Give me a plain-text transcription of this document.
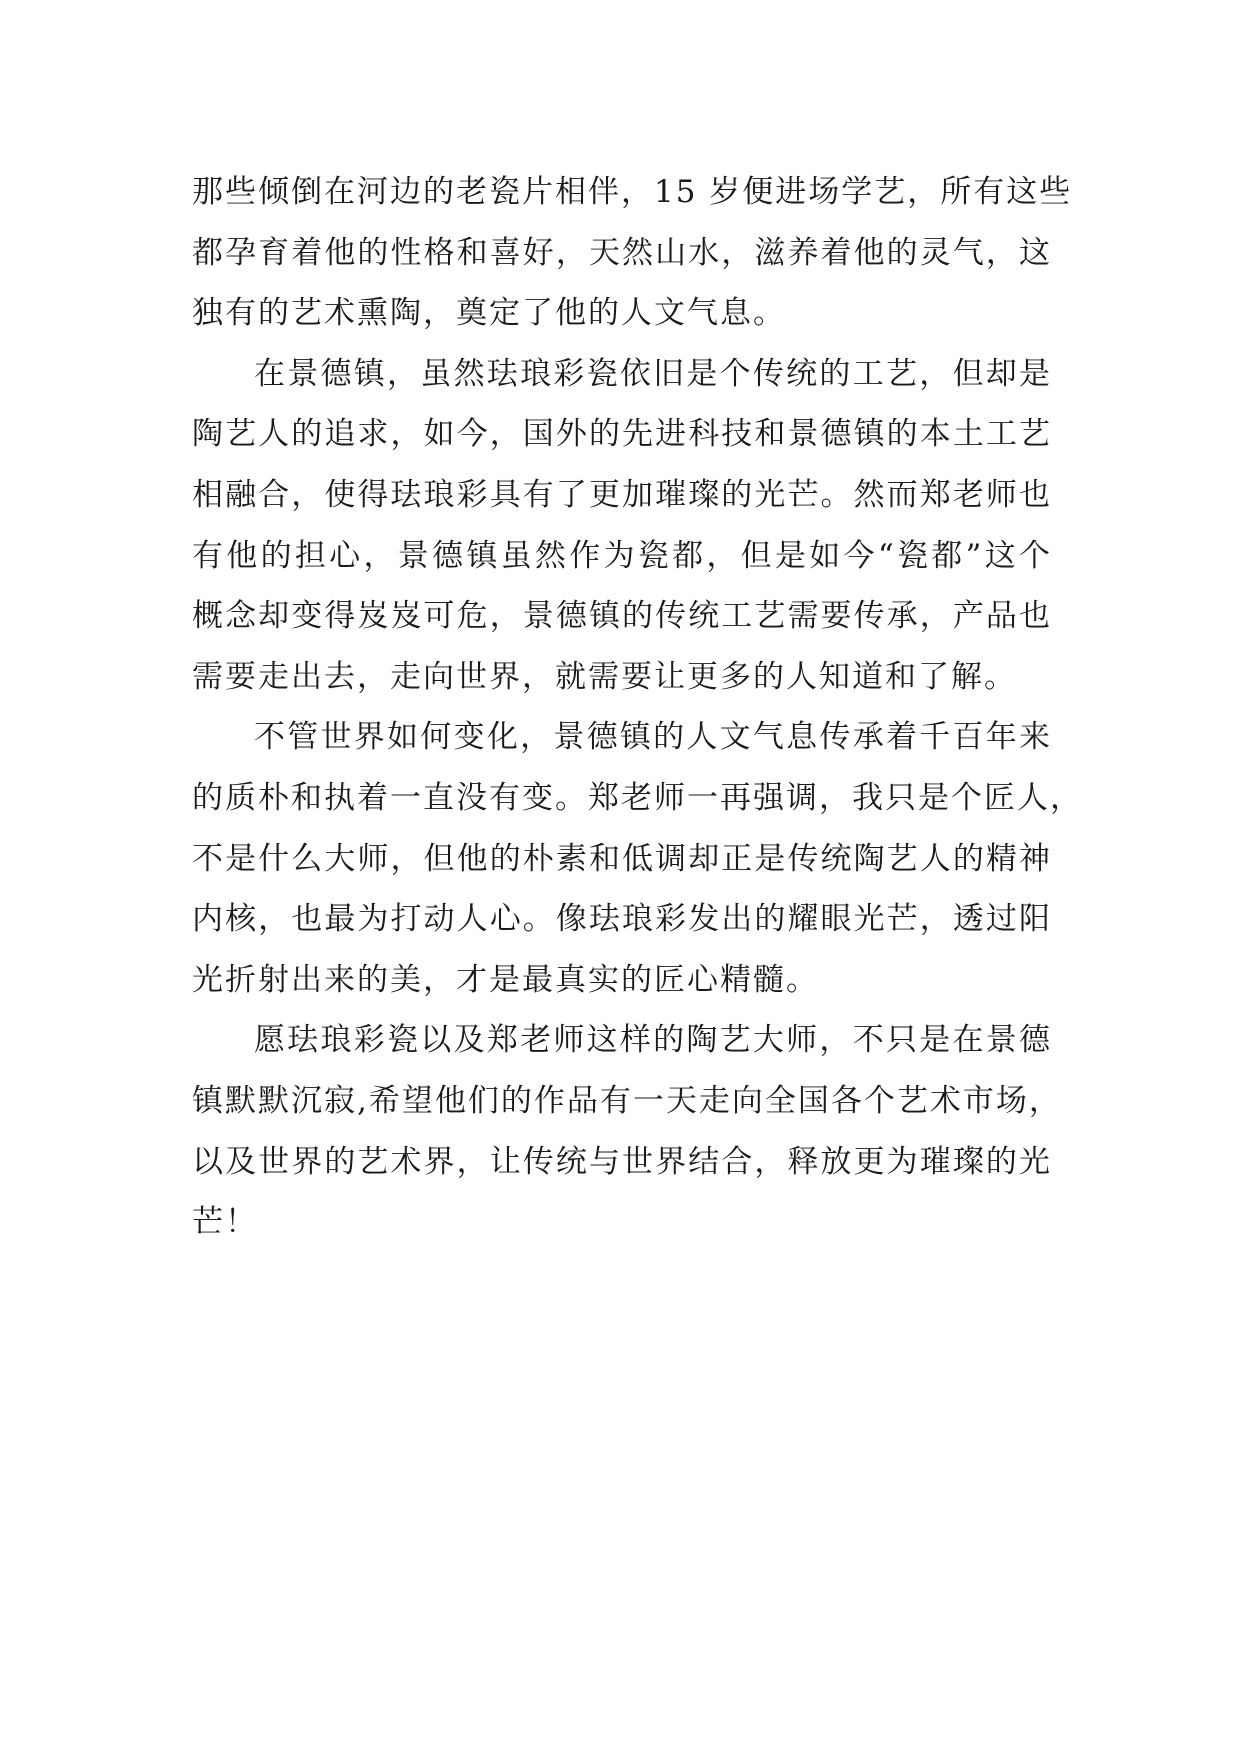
那些倾倒在河边的老瓷片相伴，15 岁便进场学艺，所有这些
都孕育着他的性格和喜好，天然山水，滋养着他的灵气，这
独有的艺术熏陶，奠定了他的人文气息。
在景德镇，虽然珐琅彩瓷依旧是个传统的工艺，但却是
陶艺人的追求，如今，国外的先进科技和景德镇的本土工艺
相融合，使得珐琅彩具有了更加璀璨的光芒。然而郑老师也
有他的担心，景德镇虽然作为瓷都，但是如今“瓷都”这个
概念却变得岌岌可危，景德镇的传统工艺需要传承，产品也
需要走出去，走向世界，就需要让更多的人知道和了解。
不管世界如何变化，景德镇的人文气息传承着千百年来
的质朴和执着一直没有变。郑老师一再强调，我只是个匠人，
不是什么大师，但他的朴素和低调却正是传统陶艺人的精神
内核，也最为打动人心。像珐琅彩发出的耀眼光芒，透过阳
光折射出来的美，才是最真实的匠心精髓。
愿珐琅彩瓷以及郑老师这样的陶艺大师，不只是在景德
镇默默沉寂,希望他们的作品有一天走向全国各个艺术市场，
以及世界的艺术界，让传统与世界结合，释放更为璀璨的光
芒！
